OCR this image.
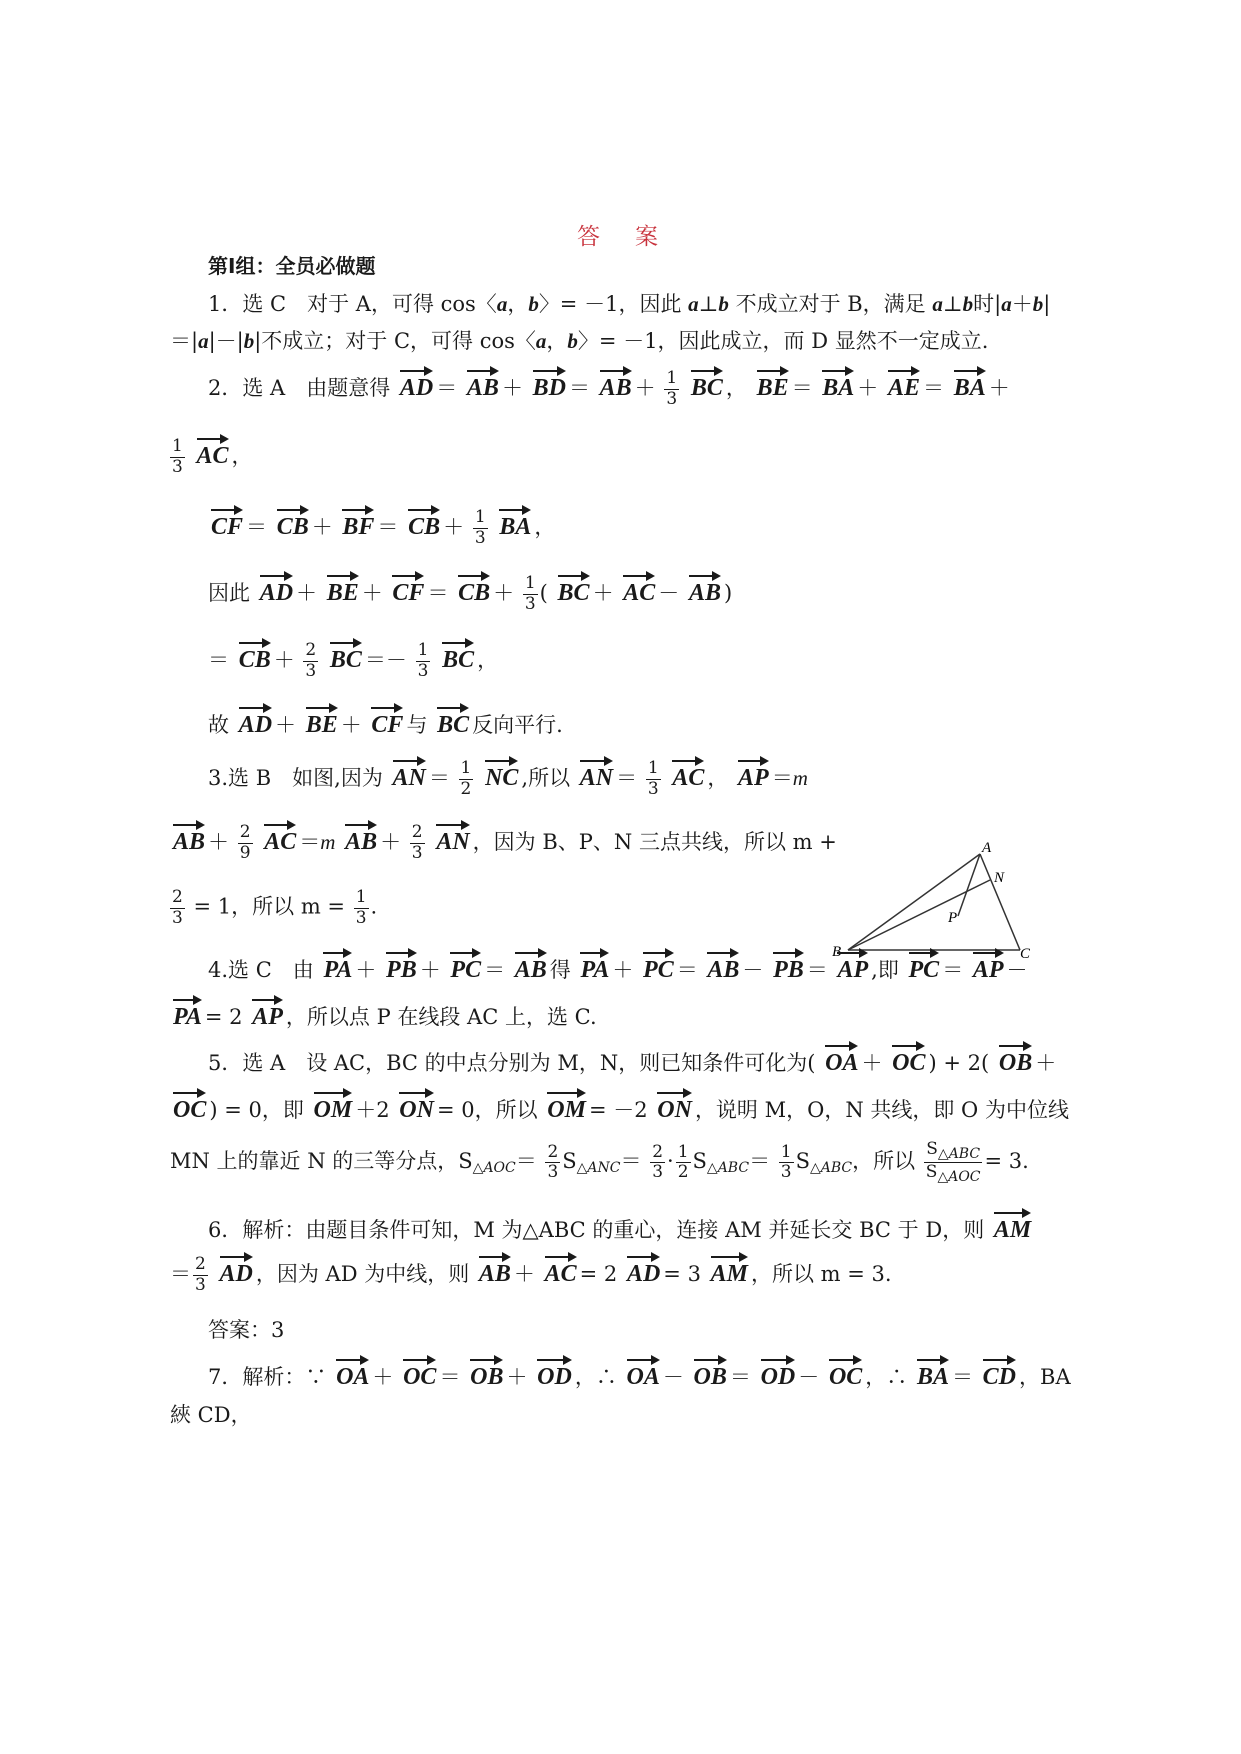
答　案
第Ⅰ组：全员必做题
1．选 C　对于 A，可得 cos〈a，b〉= －1，因此 a⊥b 不成立对于 B，满足 a⊥b时|a＋b|
＝|a|－|b|不成立；对于 C，可得 cos〈a，b〉= －1，因此成立，而 D 显然不一定成立.
2．选 A　由题意得 AD ＝ AB ＋ BD ＝ AB ＋ $\frac{1}{3}$ BC ， BE ＝ BA ＋ AE ＝ BA ＋
$\frac{1}{3}$ AC ，
CF ＝ CB ＋ BF ＝ CB ＋ $\frac{1}{3}$ BA ，
因此 AD ＋ BE ＋ CF ＝ CB ＋ $\frac{1}{3}$ ( BC ＋ AC － AB )
＝ CB ＋ $\frac{2}{3}$ BC ＝－ $\frac{1}{3}$ BC ，
故 AD ＋ BE ＋ CF 与 BC 反向平行.
3.选 B　如图,因为 AN ＝ $\frac{1}{2}$ NC ,所以 AN ＝ $\frac{1}{3}$ AC ， AP ＝m
AB ＋ $\frac{2}{9}$ AC ＝m AB ＋ $\frac{2}{3}$ AN ，因为 B、P、N 三点共线，所以 m +
$\frac{2}{3} = 1$，所以 $m = \frac{1}{3}$ .
A
B	C
N
P
4.选 C　由 PA ＋ PB ＋ PC ＝ AB 得 PA ＋ PC ＝ AB － PB ＝ AP ,即 PC ＝ AP －
PA = 2 AP ，所以点 P 在线段 AC 上，选 C.
5．选 A　设 AC，BC 的中点分别为 M，N，则已知条件可化为( OA ＋ OC ) + 2( OB ＋
OC ) = 0，即 OM ＋2 ON = 0，所以 OM = －2 ON ，说明 M，O，N 共线，即 O 为中位线
MN 上的靠近 N 的三等分点，$S_{\triangle AOC}= \frac{2}{3} S_{\triangle ANC}= \frac{2}{3} \cdot \frac{1}{2} S_{\triangle ABC}= \frac{1}{3} S_{\triangle ABC}$，所以 $\frac{S_{\triangle ABC}}{S_{\triangle AOC}} = 3$.
6．解析：由题目条件可知，M 为△ABC 的重心，连接 AM 并延长交 BC 于 D，则 AM
＝ $\frac{2}{3}$ AD ，因为 AD 为中线，则 AB ＋ AC = 2 AD = 3 AM ，所以 m = 3.
答案：3
7．解析：∵ OA ＋ OC ＝ OB ＋ OD ，∴ OA － OB ＝ OD － OC ，∴ BA ＝ CD ，BA
綊 CD，
